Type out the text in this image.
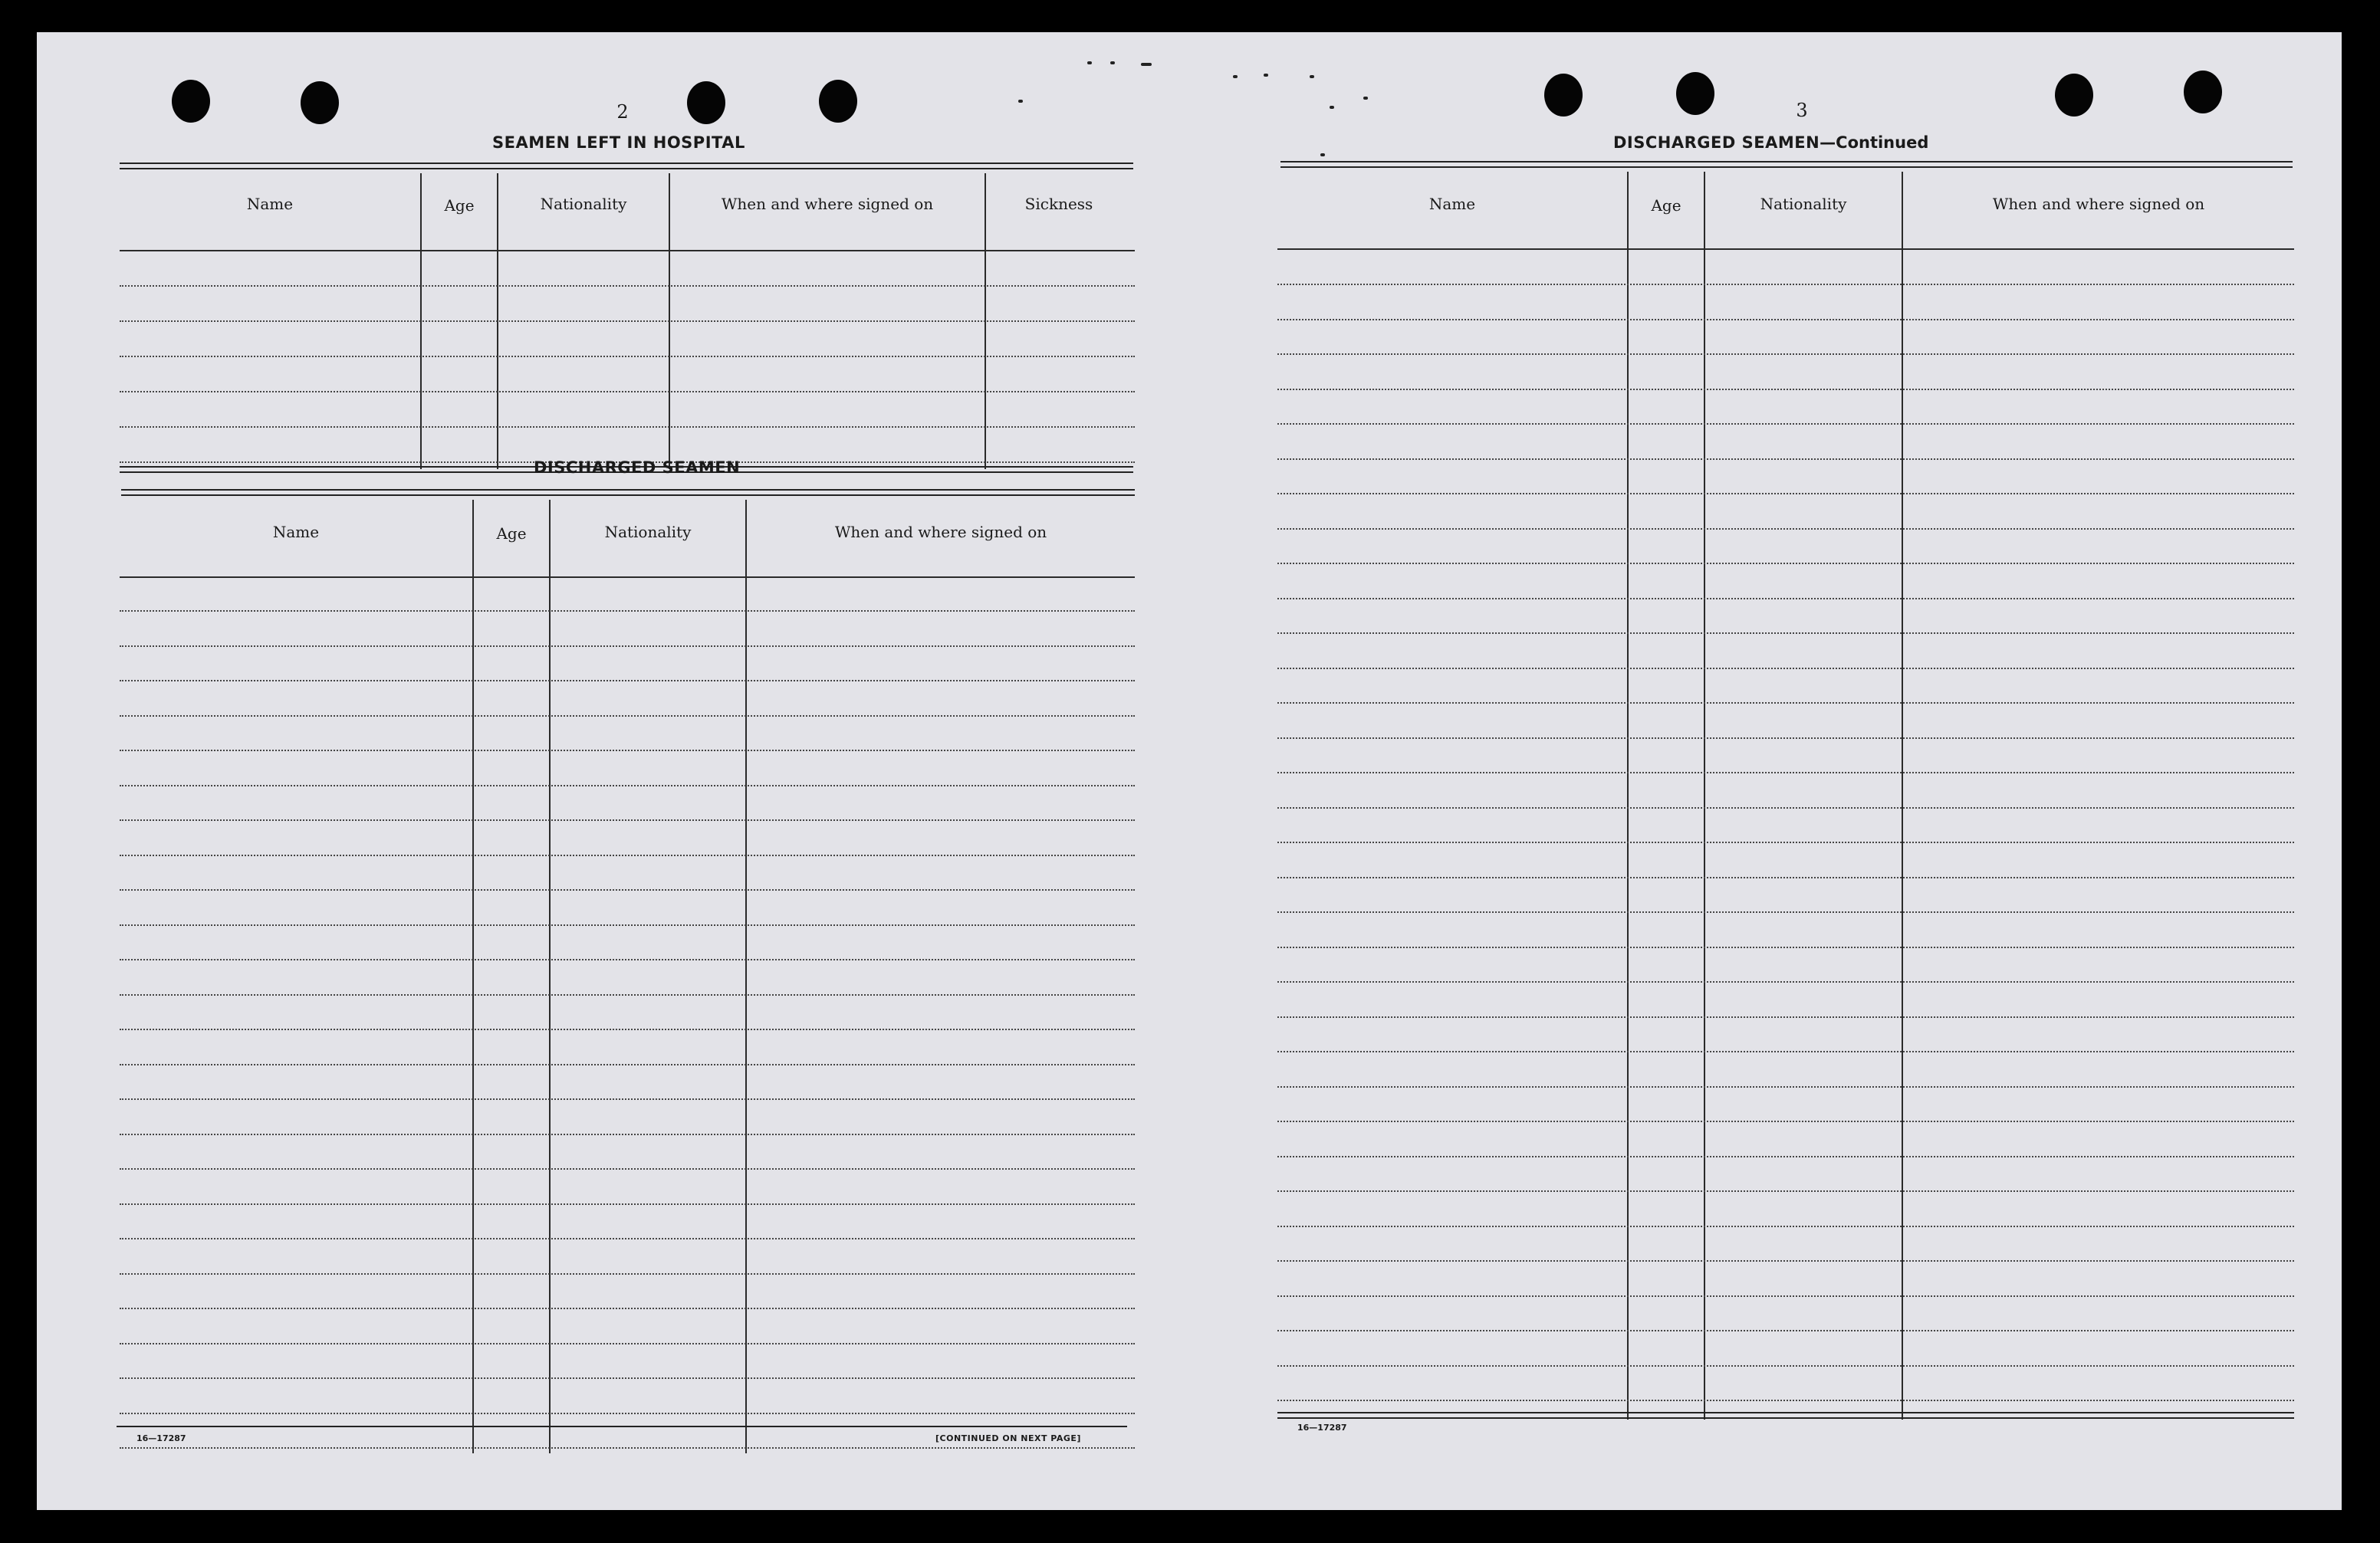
2
SEAMEN LEFT IN HOSPITAL
Name	Age	Nationality	When and where signed on	Sickness
DISCHARGED SEAMEN
Name	Age	Nationality	When and where signed on
16—17287	[CONTINUED ON NEXT PAGE]
3
DISCHARGED SEAMEN—Continued
Name	Age	Nationality	When and where signed on
16—17287
